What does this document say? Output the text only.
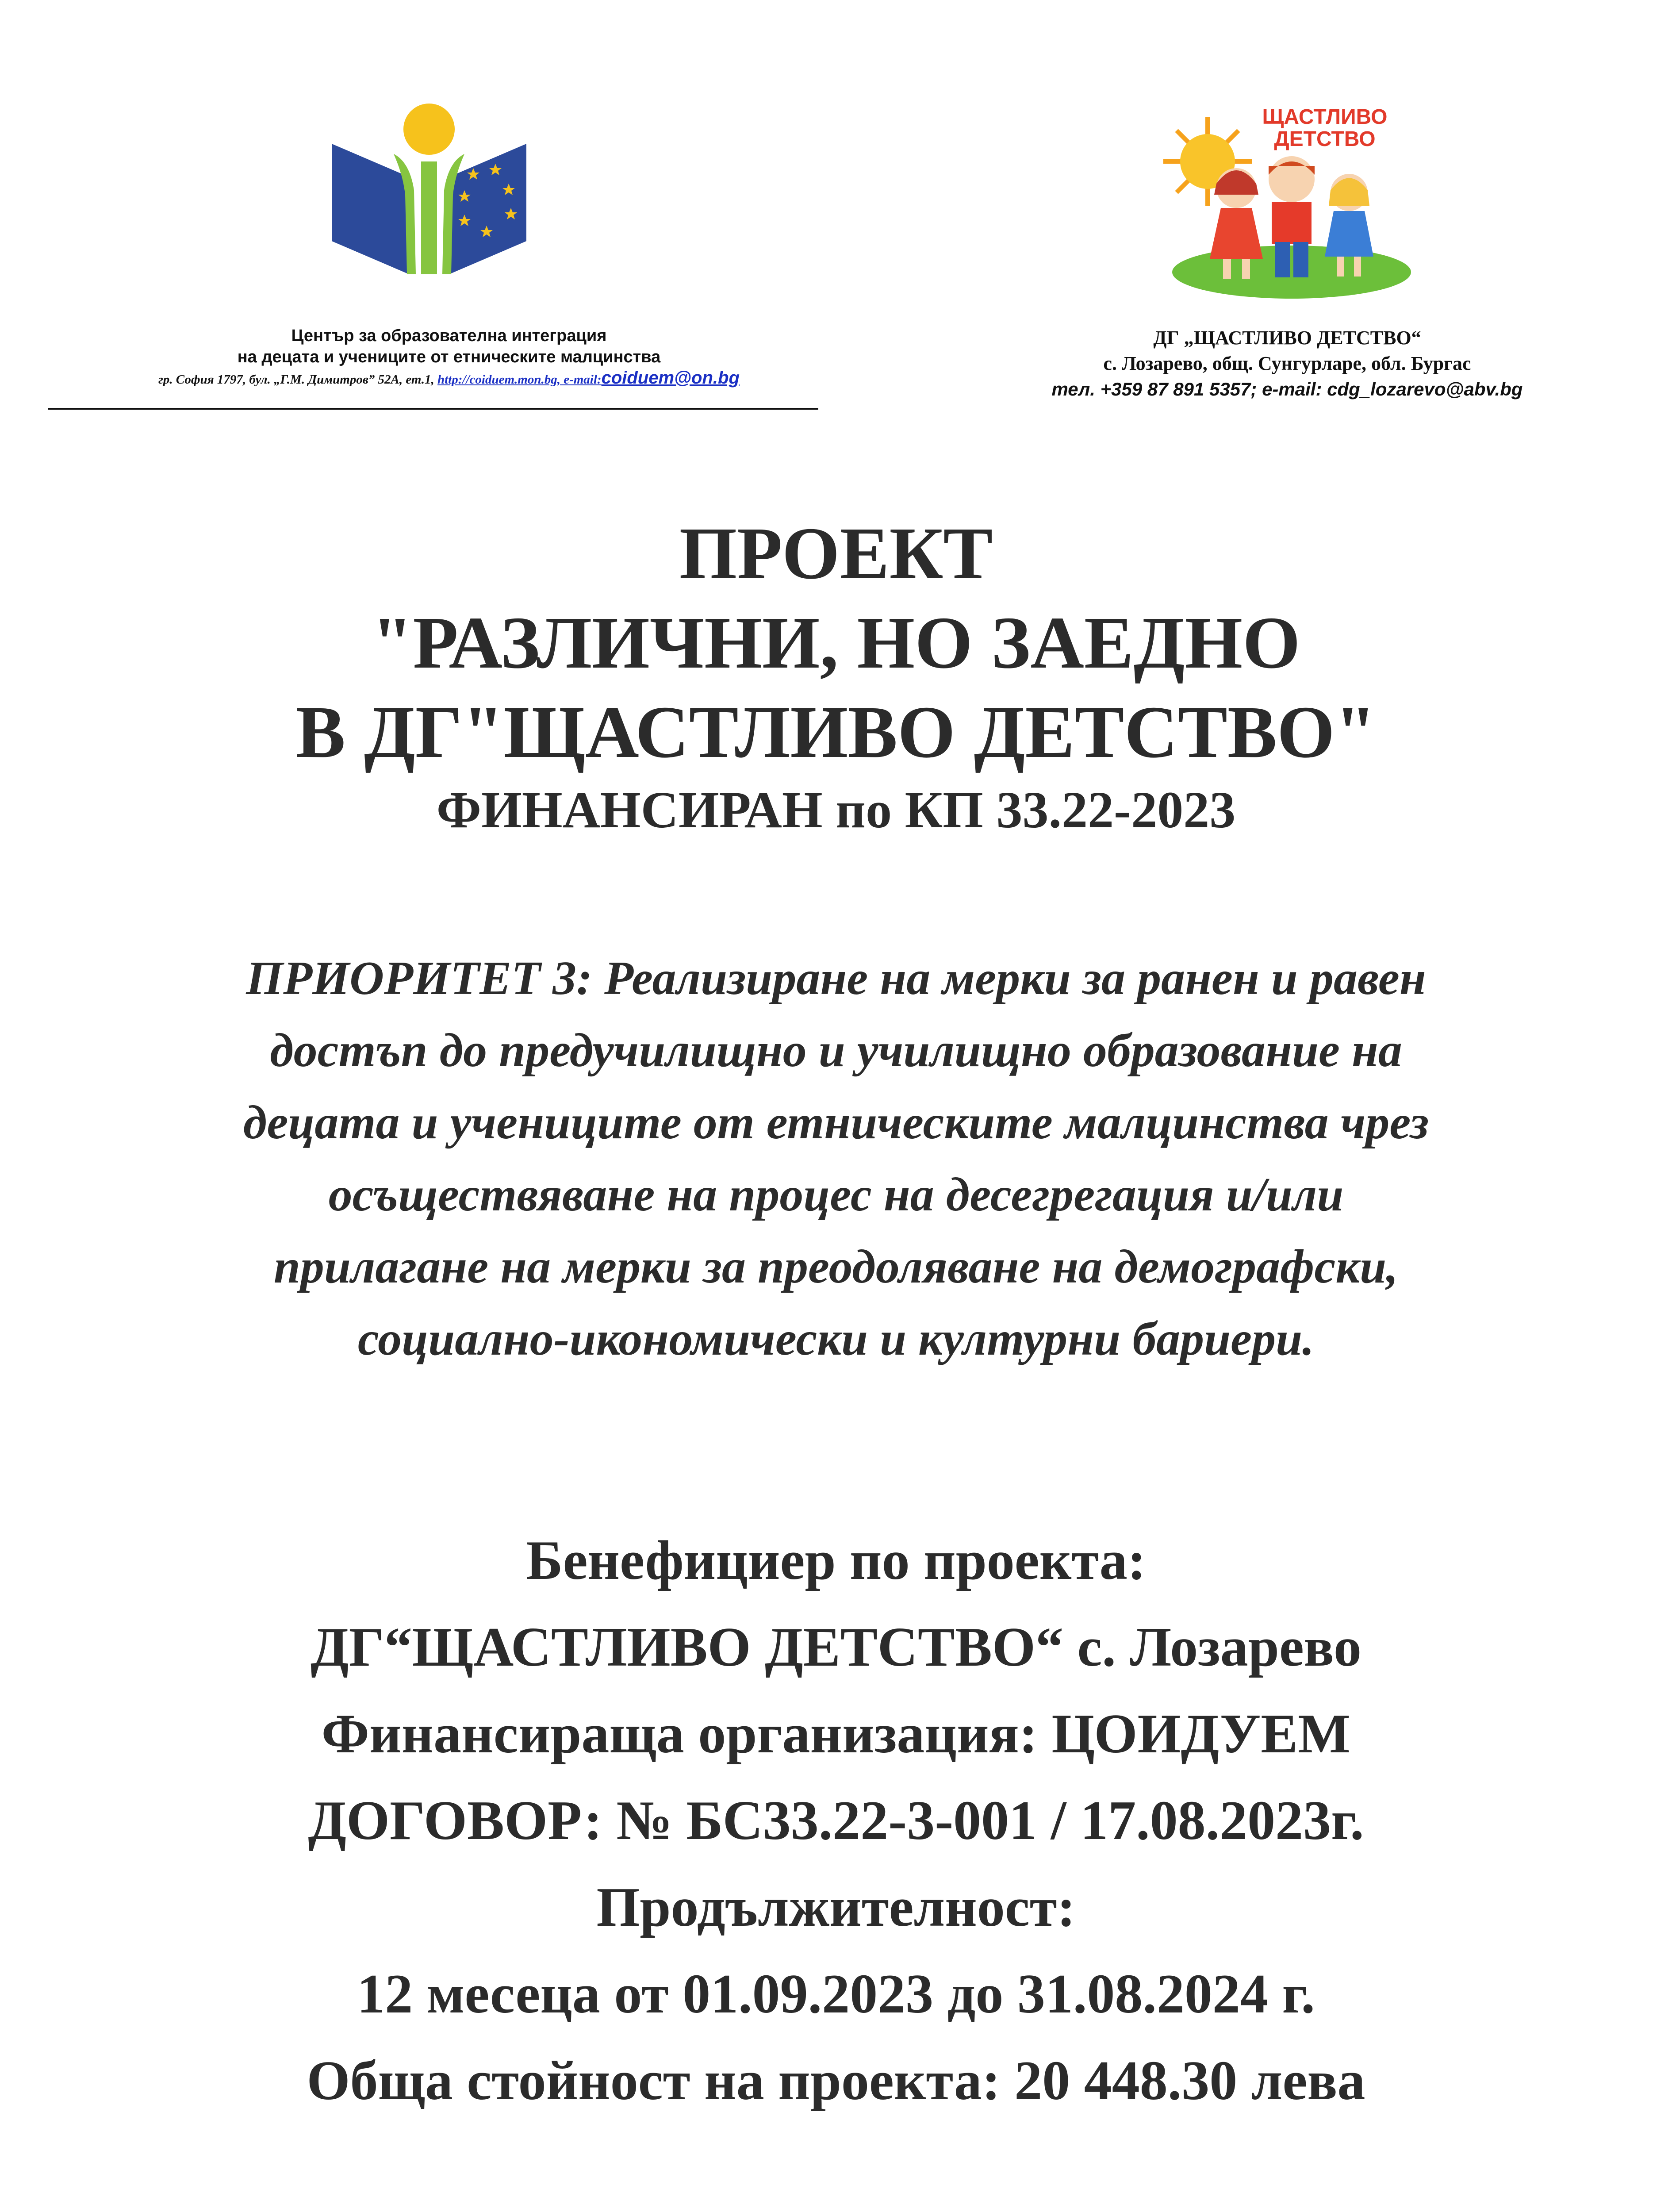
Център за образователна интеграция
на децата и учениците от етническите малцинства
гр. София 1797, бул. „Г.М. Димитров” 52А, ет.1, http://coiduem.mon.bg, e-mail:coiduem@on.bg
ЩАСТЛИВО
ДЕТСТВО
ДГ „ЩАСТЛИВО ДЕТСТВО“
с. Лозарево, общ. Сунгурларе, обл. Бургас
тел. +359 87 891 5357; e-mail: cdg_lozarevo@abv.bg
ПРОЕКТ
"РАЗЛИЧНИ, НО ЗАЕДНО
В ДГ"ЩАСТЛИВО ДЕТСТВО"
ФИНАНСИРАН по КП 33.22-2023
ПРИОРИТЕТ 3: Реализиране на мерки за ранен и равен
достъп до предучилищно и училищно образование на
децата и учениците от етническите малцинства чрез
осъществяване на процес на десегрегация и/или
прилагане на мерки за преодоляване на демографски,
социално-икономически и културни бариери.
Бенефициер по проекта:
ДГ“ЩАСТЛИВО ДЕТСТВО“ с. Лозарево
Финансираща организация: ЦОИДУЕМ
ДОГОВОР: № БС33.22-3-001 / 17.08.2023г.
Продължителност:
12 месеца от 01.09.2023 до 31.08.2024 г.
Обща стойност на проекта: 20 448.30 лева
